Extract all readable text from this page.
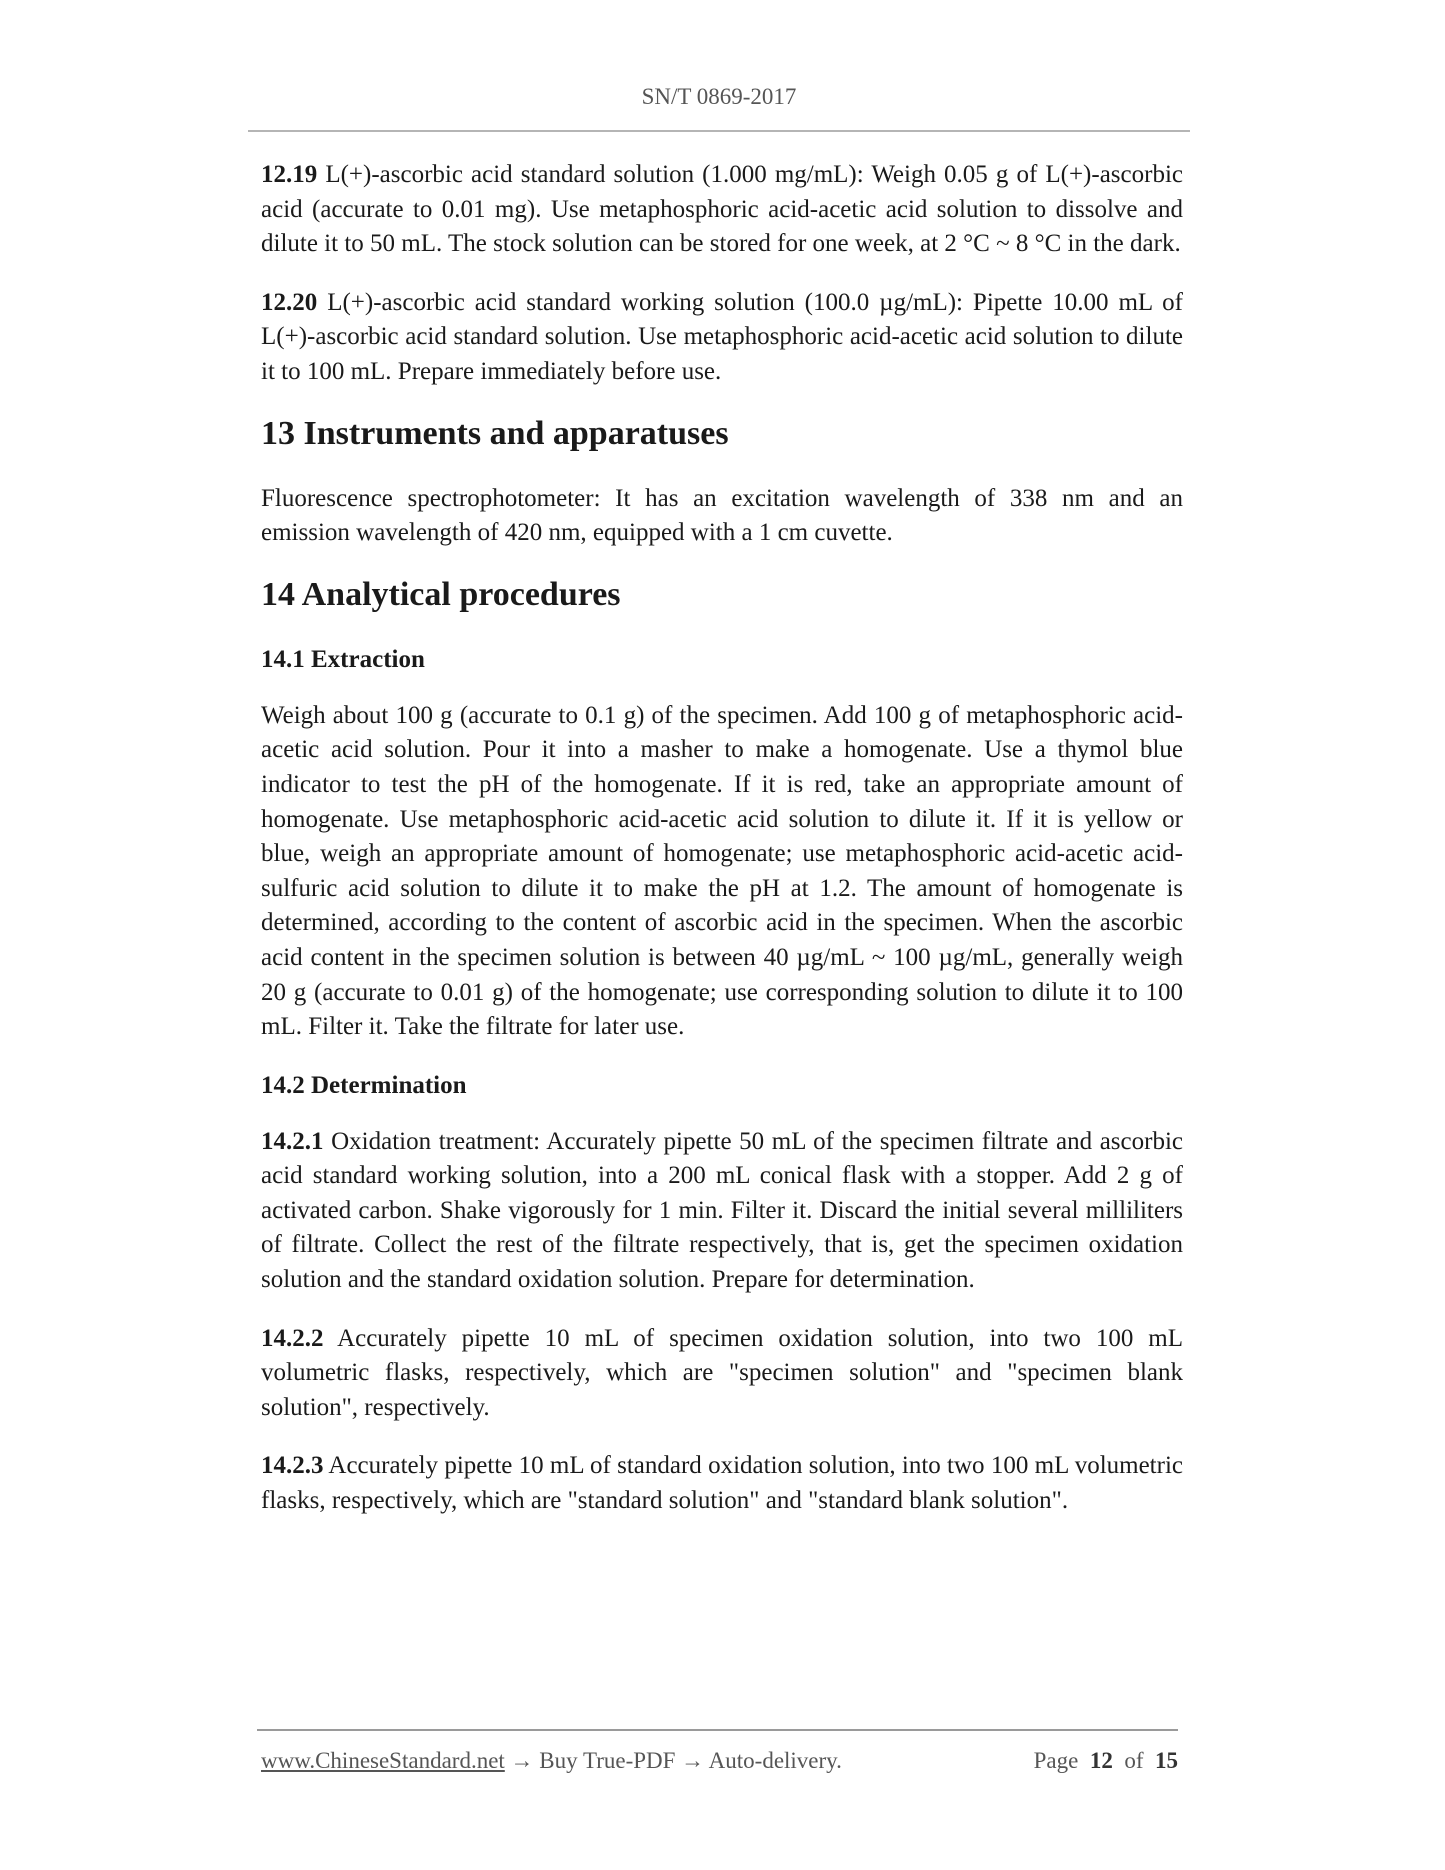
SN/T 0869-2017

12.19 L(+)-ascorbic acid standard solution (1.000 mg/mL): Weigh 0.05 g of L(+)-ascorbic acid (accurate to 0.01 mg). Use metaphosphoric acid-acetic acid solution to dissolve and dilute it to 50 mL. The stock solution can be stored for one week, at 2 °C ~ 8 °C in the dark.

12.20 L(+)-ascorbic acid standard working solution (100.0 µg/mL): Pipette 10.00 mL of L(+)-ascorbic acid standard solution. Use metaphosphoric acid-acetic acid solution to dilute it to 100 mL. Prepare immediately before use.

13 Instruments and apparatuses

Fluorescence spectrophotometer: It has an excitation wavelength of 338 nm and an emission wavelength of 420 nm, equipped with a 1 cm cuvette.

14 Analytical procedures
14.1 Extraction

Weigh about 100 g (accurate to 0.1 g) of the specimen. Add 100 g of metaphosphoric acid-acetic acid solution. Pour it into a masher to make a homogenate. Use a thymol blue indicator to test the pH of the homogenate. If it is red, take an appropriate amount of homogenate. Use metaphosphoric acid-acetic acid solution to dilute it. If it is yellow or blue, weigh an appropriate amount of homogenate; use metaphosphoric acid-acetic acid-sulfuric acid solution to dilute it to make the pH at 1.2. The amount of homogenate is determined, according to the content of ascorbic acid in the specimen. When the ascorbic acid content in the specimen solution is between 40 µg/mL ~ 100 µg/mL, generally weigh 20 g (accurate to 0.01 g) of the homogenate; use corresponding solution to dilute it to 100 mL. Filter it. Take the filtrate for later use.

14.2 Determination

14.2.1 Oxidation treatment: Accurately pipette 50 mL of the specimen filtrate and ascorbic acid standard working solution, into a 200 mL conical flask with a stopper. Add 2 g of activated carbon. Shake vigorously for 1 min. Filter it. Discard the initial several milliliters of filtrate. Collect the rest of the filtrate respectively, that is, get the specimen oxidation solution and the standard oxidation solution. Prepare for determination.

14.2.2 Accurately pipette 10 mL of specimen oxidation solution, into two 100 mL volumetric flasks, respectively, which are "specimen solution" and "specimen blank solution", respectively.

14.2.3 Accurately pipette 10 mL of standard oxidation solution, into two 100 mL volumetric flasks, respectively, which are "standard solution" and "standard blank solution".

www.ChineseStandard.net → Buy True-PDF → Auto-delivery.	Page 12 of 15
